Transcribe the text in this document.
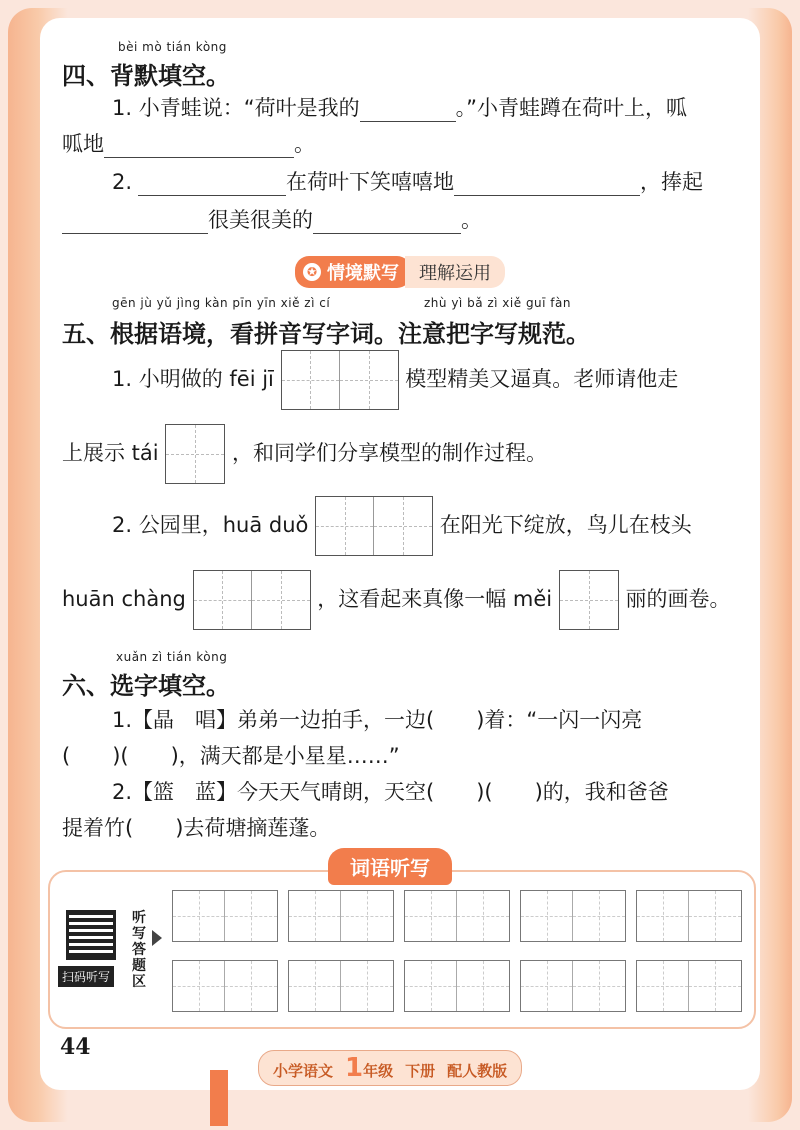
bèi mò tián kòng
四、背默填空。
1. 小青蛙说：“荷叶是我的	。”小青蛙蹲在荷叶上，呱
呱地	。
2.	在荷叶下笑嘻嘻地	，捧起
很美很美的	。
✪ 情境默写	理解运用
gēn jù yǔ jìng kàn pīn yīn xiě zì cí	zhù yì bǎ zì xiě guī fàn
五、根据语境，看拼音写字词。注意把字写规范。
1. 小明做的 fēi jī	模型精美又逼真。老师请他走
上展示 tái	，和同学们分享模型的制作过程。
2. 公园里，huā duǒ	在阳光下绽放，鸟儿在枝头
huān chàng	，这看起来真像一幅 měi	丽的画卷。
xuǎn zì tián kòng
六、选字填空。
1.【晶　唱】弟弟一边拍手，一边(　　)着：“一闪一闪亮
(　　)(　　)，满天都是小星星……”
2.【篮　蓝】今天天气晴朗，天空(　　)(　　)的，我和爸爸
提着竹(　　)去荷塘摘莲蓬。
词语听写
扫码听写
听写答题区
44
小学语文 1年级 下册 配人教版
